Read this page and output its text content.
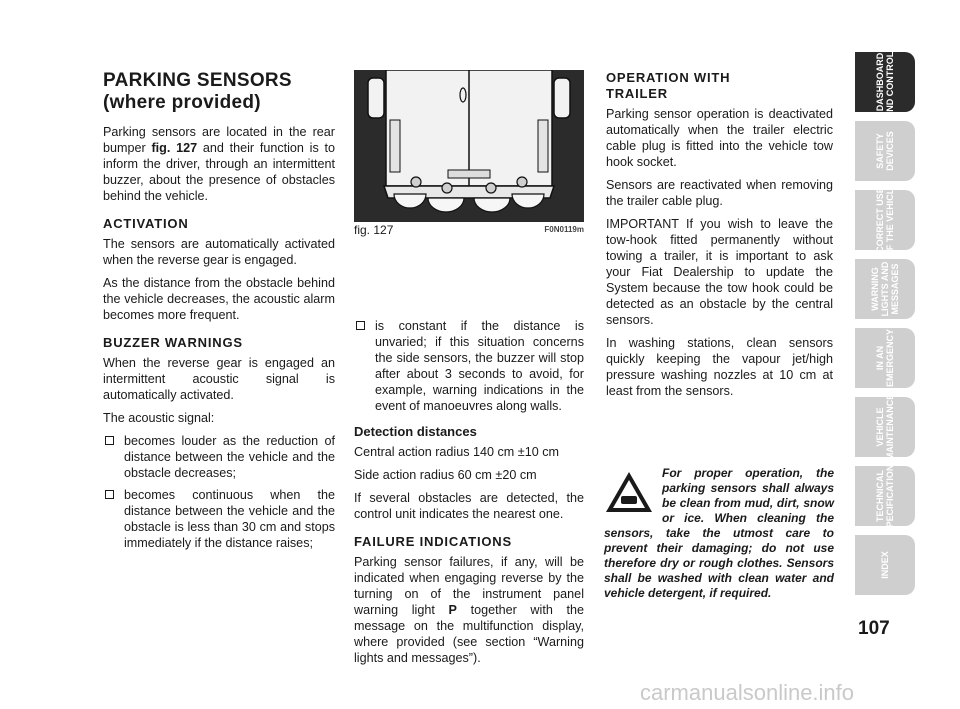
PARKING SENSORS
(where provided)

Parking sensors are located in the rear bumper fig. 127 and their function is to inform the driver, through an intermittent buzzer, about the presence of obstacles behind the vehicle.

ACTIVATION

The sensors are automatically activated when the reverse gear is engaged.

As the distance from the obstacle behind the vehicle decreases, the acoustic alarm becomes more frequent.

BUZZER WARNINGS

When the reverse gear is engaged an intermittent acoustic signal is automatically activated.

The acoustic signal:

becomes louder as the reduction of distance between the vehicle and the obstacle decreases;
becomes continuous when the distance between the vehicle and the obstacle is less than 30 cm and stops immediately if the distance raises;
fig. 127	F0N0119m
is constant if the distance is unvaried; if this situation concerns the side sensors, the buzzer will stop after about 3 seconds to avoid, for example, warning indications in the event of manoeuvres along walls.
Detection distances

Central action radius 140 cm ±10 cm

Side action radius 60 cm ±20 cm

If several obstacles are detected, the control unit indicates the nearest one.

FAILURE INDICATIONS

Parking sensor failures, if any, will be indicated when engaging reverse by the turning on of the instrument panel warning light P together with the message on the multifunction display, where provided (see section “Warning lights and messages”).

OPERATION WITH
TRAILER

Parking sensor operation is deactivated automatically when the trailer electric cable plug is fitted into the vehicle tow hook socket.

Sensors are reactivated when removing the trailer cable plug.

IMPORTANT If you wish to leave the tow-hook fitted permanently without towing a trailer, it is important to ask your Fiat Dealership to update the System because the tow hook could be detected as an obstacle by the central sensors.

In washing stations, clean sensors quickly keeping the vapour jet/high pressure washing nozzles at 10 cm at least from the sensors.

For proper operation, the parking sensors shall always be clean from mud, dirt, snow or ice. When cleaning the sensors, take the utmost care to prevent their damaging; do not use therefore dry or rough clothes. Sensors shall be washed with clean water and vehicle detergent, if required.
DASHBOARD
AND CONTROLS
SAFETY
DEVICES
CORRECT USE
OF THE VEHICLE
WARNING
LIGHTS AND
MESSAGES
IN AN
EMERGENCY
VEHICLE
MAINTENANCE
TECHNICAL
SPECIFICATIONS
INDEX
107
carmanualsonline.info
